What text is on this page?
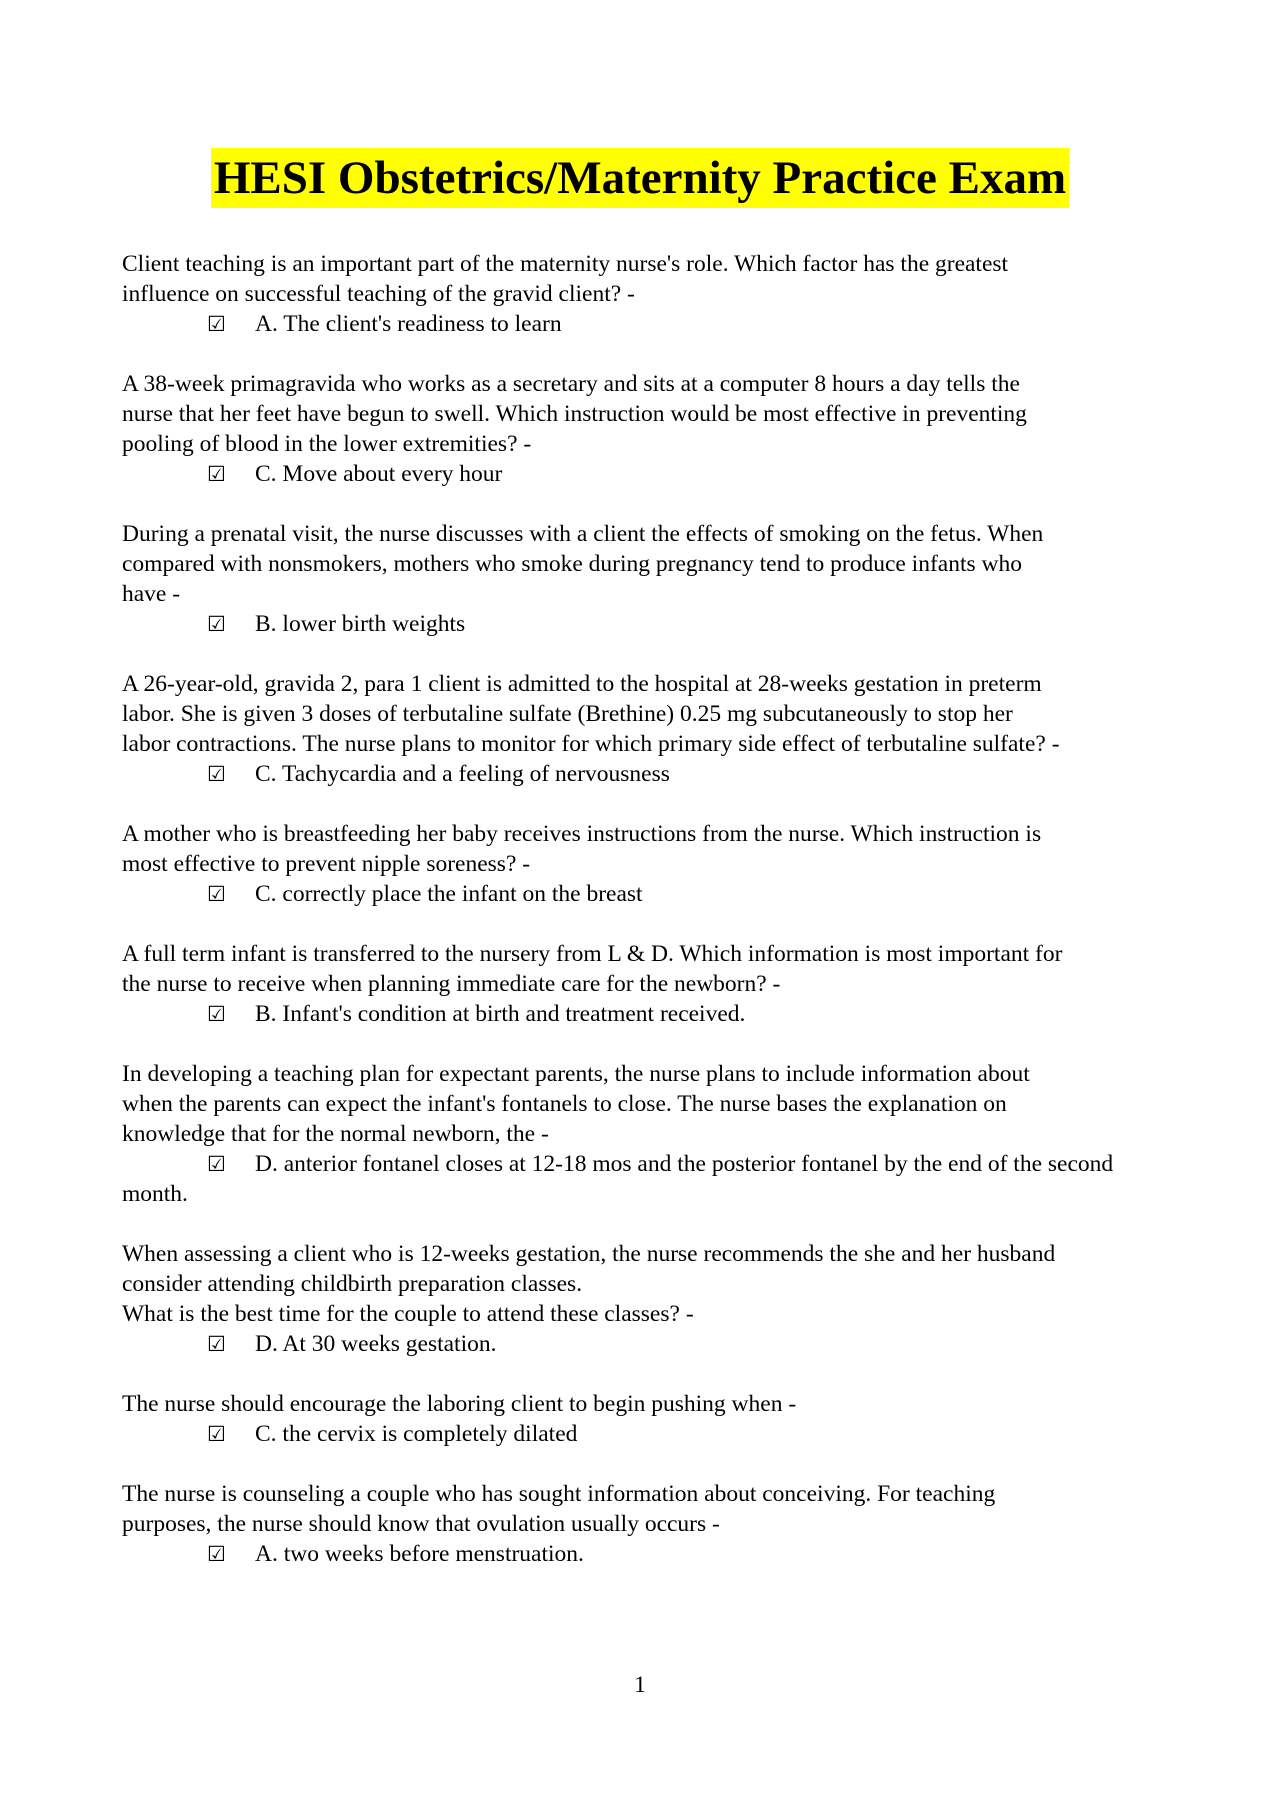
HESI Obstetrics/Maternity Practice Exam

Client teaching is an important part of the maternity nurse's role. Which factor has the greatest

influence on successful teaching of the gravid client? -

☑ A. The client's readiness to learn

A 38-week primagravida who works as a secretary and sits at a computer 8 hours a day tells the

nurse that her feet have begun to swell. Which instruction would be most effective in preventing

pooling of blood in the lower extremities? -

☑ C. Move about every hour

During a prenatal visit, the nurse discusses with a client the effects of smoking on the fetus. When

compared with nonsmokers, mothers who smoke during pregnancy tend to produce infants who

have -

☑ B. lower birth weights

A 26-year-old, gravida 2, para 1 client is admitted to the hospital at 28-weeks gestation in preterm

labor. She is given 3 doses of terbutaline sulfate (Brethine) 0.25 mg subcutaneously to stop her

labor contractions. The nurse plans to monitor for which primary side effect of terbutaline sulfate? -

☑ C. Tachycardia and a feeling of nervousness

A mother who is breastfeeding her baby receives instructions from the nurse. Which instruction is

most effective to prevent nipple soreness? -

☑ C. correctly place the infant on the breast

A full term infant is transferred to the nursery from L & D. Which information is most important for

the nurse to receive when planning immediate care for the newborn? -

☑ B. Infant's condition at birth and treatment received.

In developing a teaching plan for expectant parents, the nurse plans to include information about

when the parents can expect the infant's fontanels to close. The nurse bases the explanation on

knowledge that for the normal newborn, the -

☑ D. anterior fontanel closes at 12-18 mos and the posterior fontanel by the end of the second month.

When assessing a client who is 12-weeks gestation, the nurse recommends the she and her husband

consider attending childbirth preparation classes.

What is the best time for the couple to attend these classes? -

☑ D. At 30 weeks gestation.

The nurse should encourage the laboring client to begin pushing when -

☑ C. the cervix is completely dilated

The nurse is counseling a couple who has sought information about conceiving. For teaching

purposes, the nurse should know that ovulation usually occurs -

☑ A. two weeks before menstruation.

1
